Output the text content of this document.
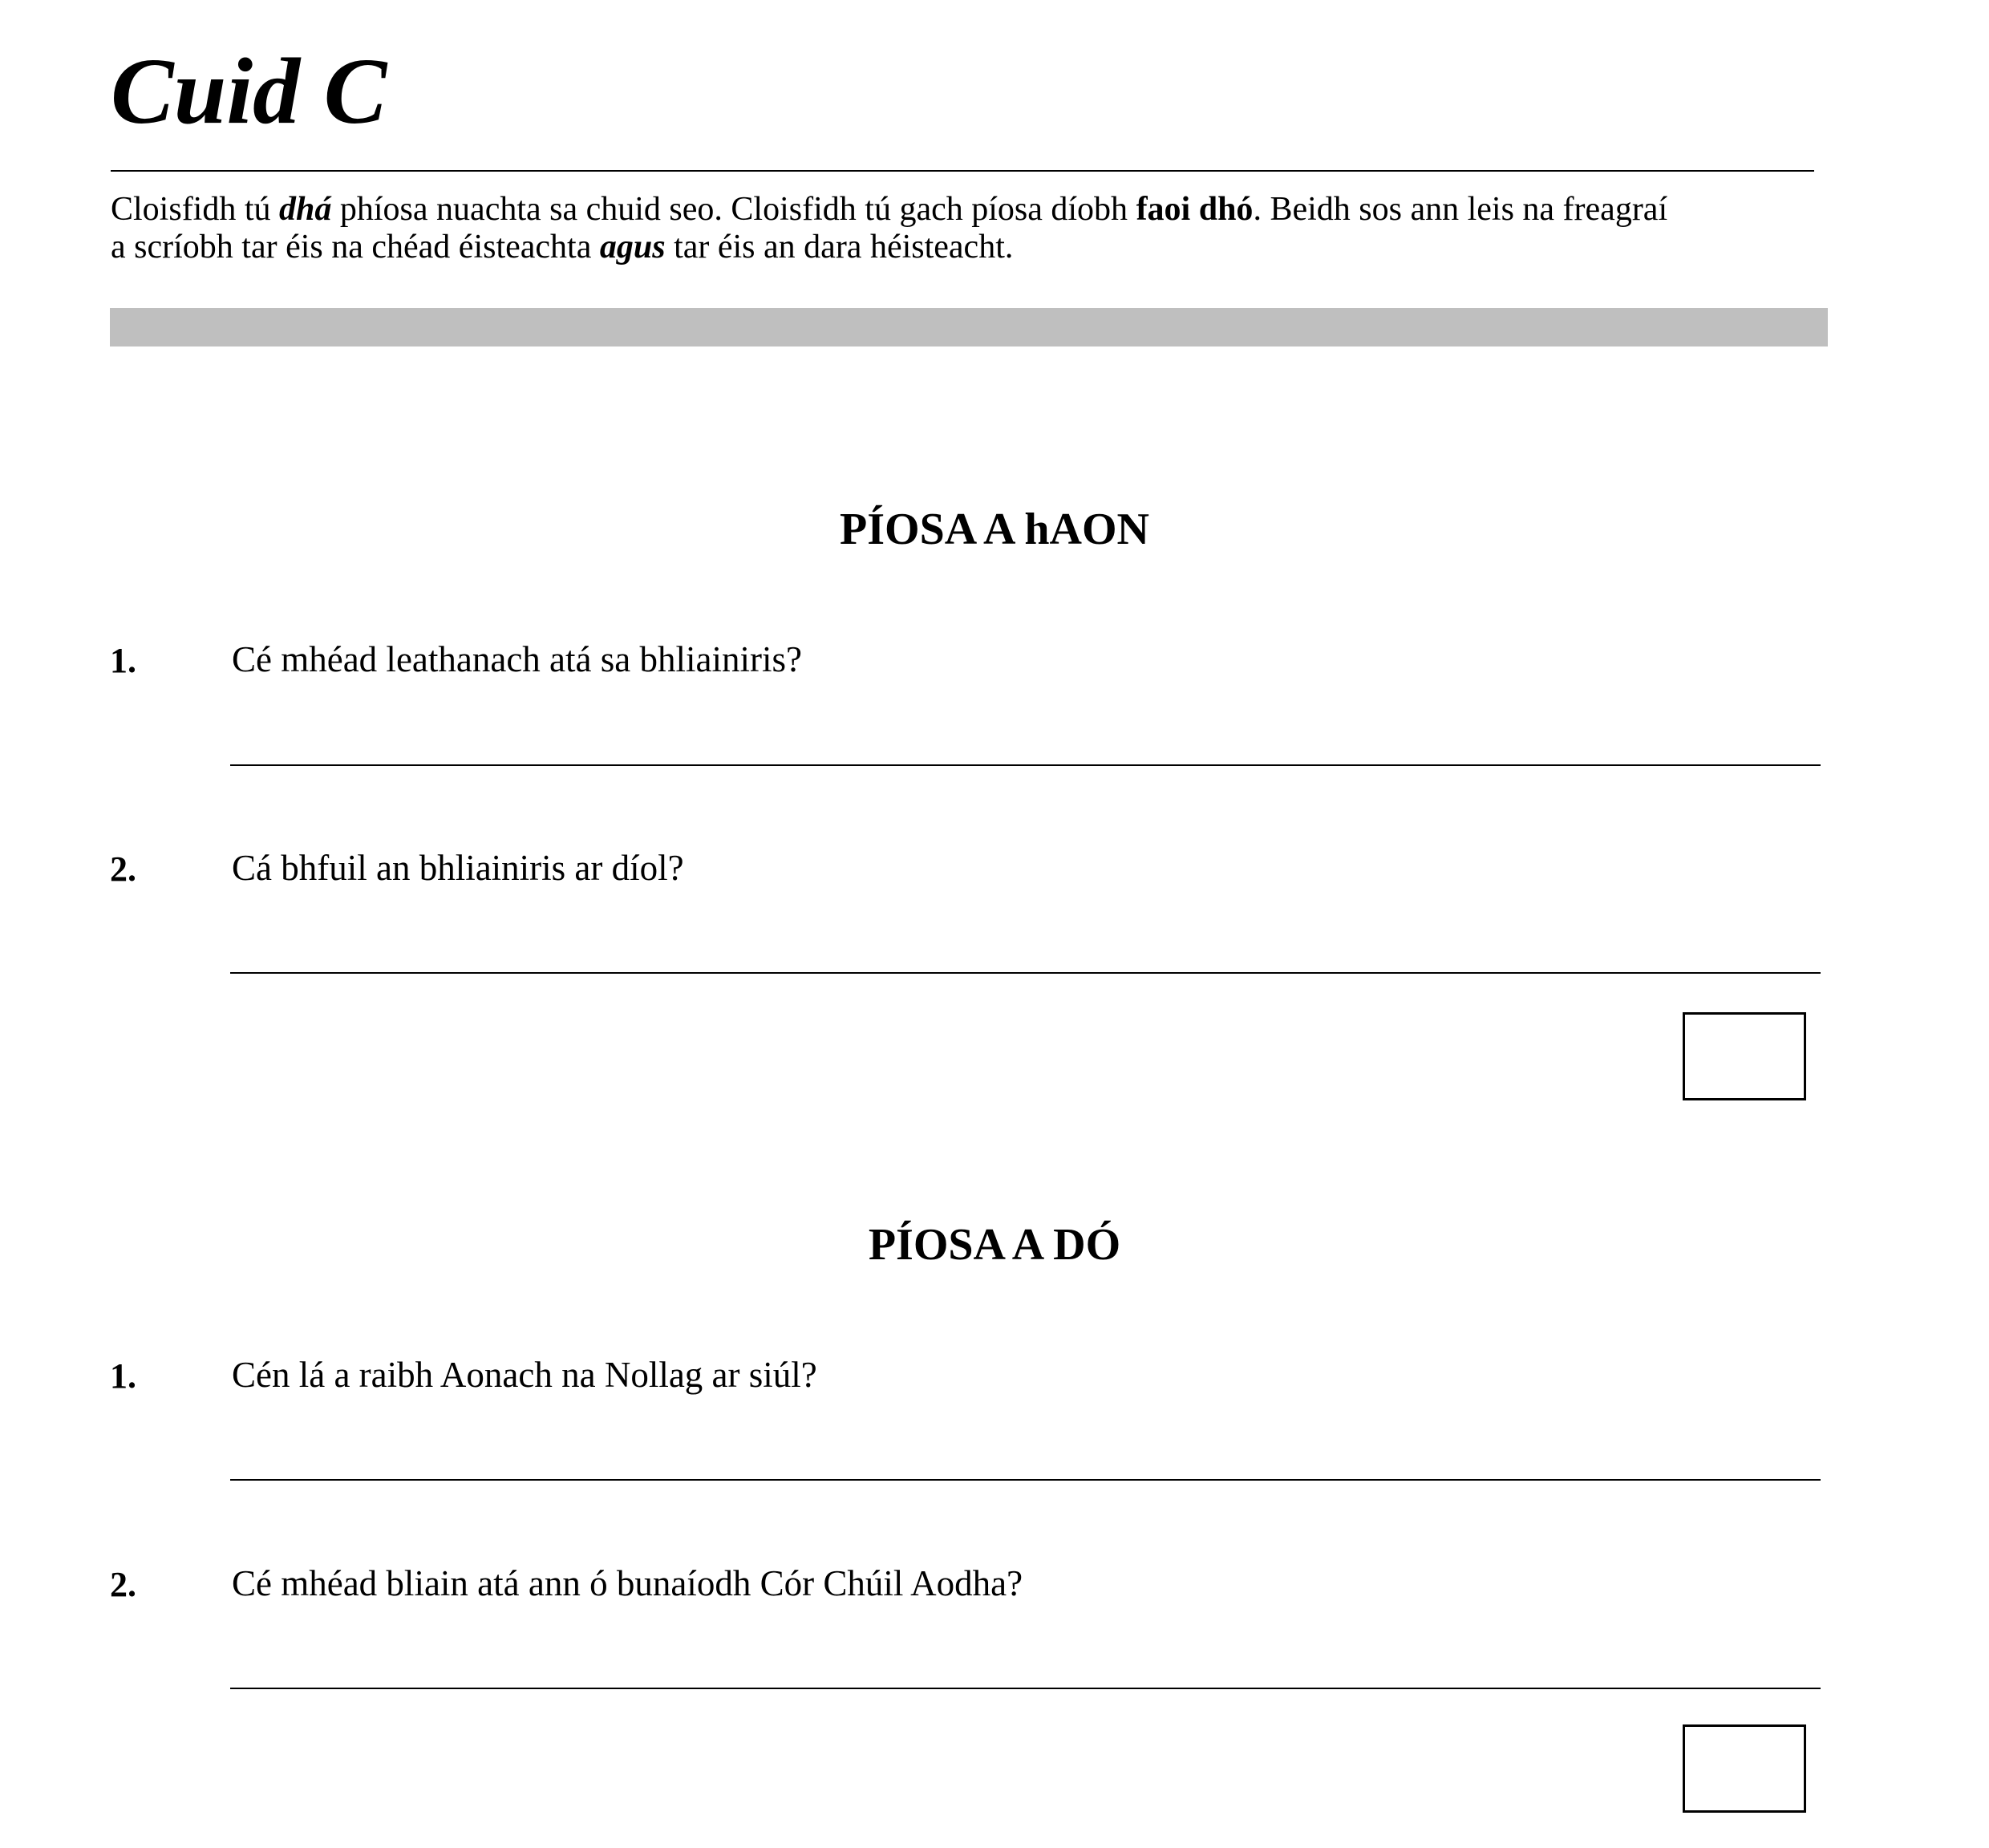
Cuid C

Cloisfidh tú dhá phíosa nuachta sa chuid seo. Cloisfidh tú gach píosa díobh faoi dhó. Beidh sos ann leis na freagraí
a scríobh tar éis na chéad éisteachta agus tar éis an dara héisteacht.

PÍOSA A hAON

1.	Cé mhéad leathanach atá sa bhliainiris?

2.	Cá bhfuil an bhliainiris ar díol?

PÍOSA A DÓ

1.	Cén lá a raibh Aonach na Nollag ar siúl?

2.	Cé mhéad bliain atá ann ó bunaíodh Cór Chúil Aodha?
